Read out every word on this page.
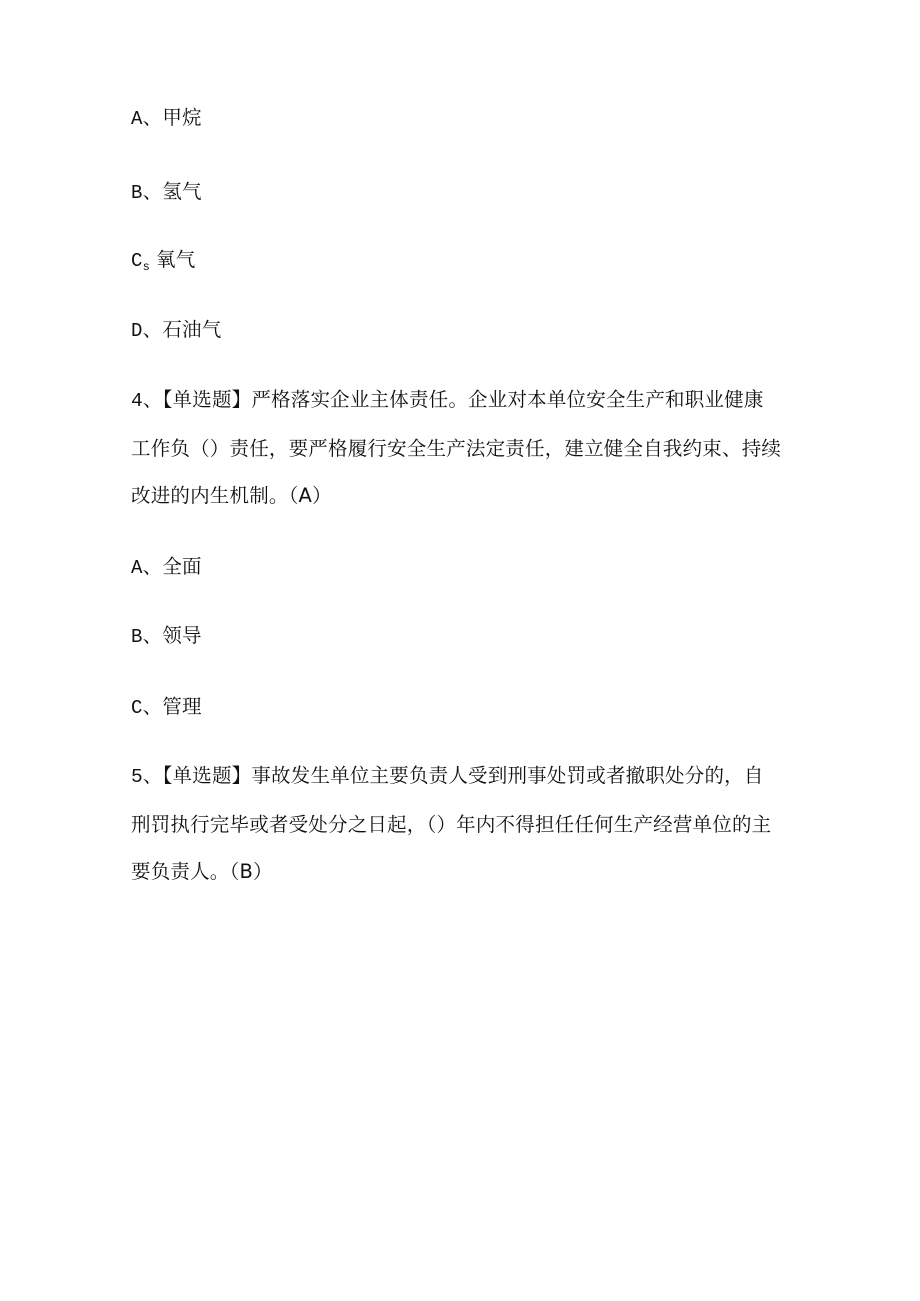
A、甲烷
B、氢气
$C_s$ 氧气
D、石油气
4、【单选题】严格落实企业主体责任。企业对本单位安全生产和职业健康
工作负（）责任，要严格履行安全生产法定责任，建立健全自我约束、持续
改进的内生机制。（A）
A、全面
B、领导
C、管理
5、【单选题】事故发生单位主要负责人受到刑事处罚或者撤职处分的，自
刑罚执行完毕或者受处分之日起，（）年内不得担任任何生产经营单位的主
要负责人。（B）
